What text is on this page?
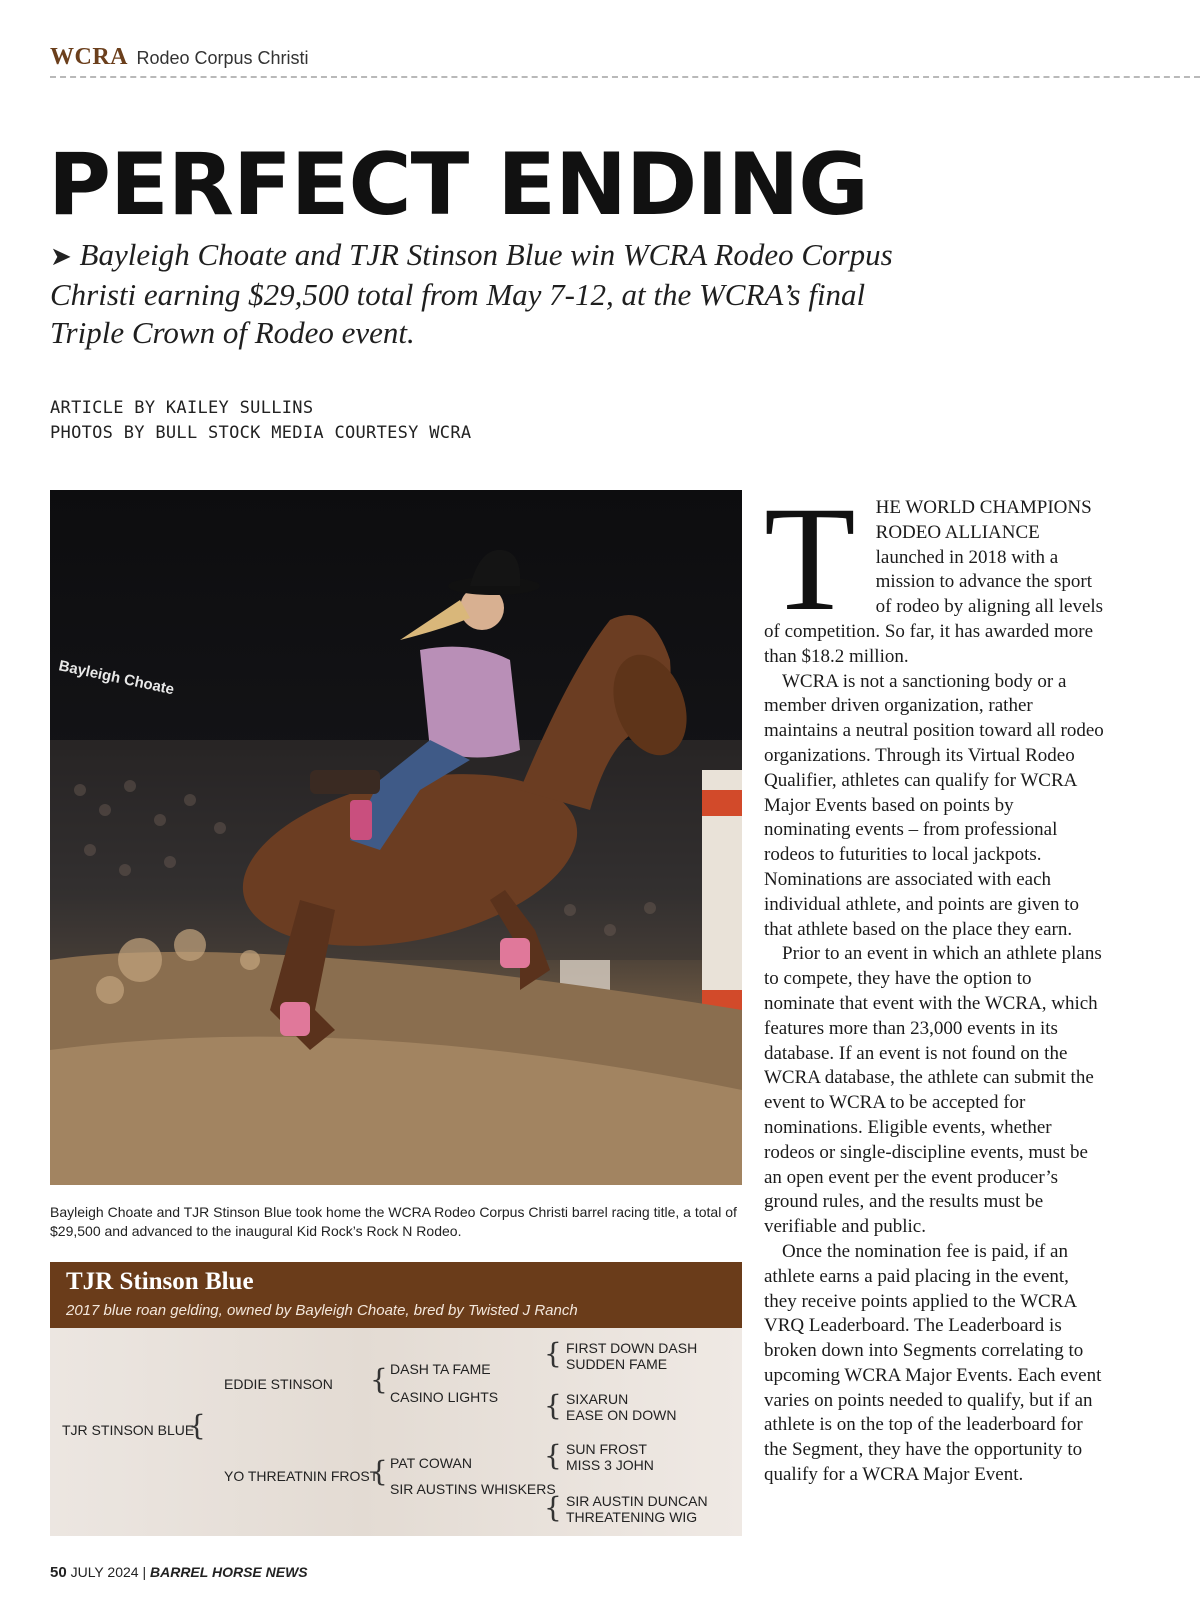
WCRA Rodeo Corpus Christi
PERFECT ENDING

➤ Bayleigh Choate and TJR Stinson Blue win WCRA Rodeo Corpus Christi earning $29,500 total from May 7-12, at the WCRA’s final Triple Crown of Rodeo event.

ARTICLE BY KAILEY SULLINS
PHOTOS BY BULL STOCK MEDIA COURTESY WCRA
Bayleigh Choate
Bayleigh Choate and TJR Stinson Blue took home the WCRA Rodeo Corpus Christi barrel racing title, a total of $29,500 and advanced to the inaugural Kid Rock’s Rock N Rodeo.
TJR Stinson Blue
2017 blue roan gelding, owned by Bayleigh Choate, bred by Twisted J Ranch
TJR STINSON BLUE
{
EDDIE STINSON
YO THREATNIN FROST
{ DASH TA FAME
CASINO LIGHTS
{ PAT COWAN
SIR AUSTINS WHISKERS
{ FIRST DOWN DASH
SUDDEN FAME
{ SIXARUN
EASE ON DOWN
{ SUN FROST
MISS 3 JOHN
{ SIR AUSTIN DUNCAN
THREATENING WIG

T HE WORLD CHAMPIONS RODEO ALLIANCE launched in 2018 with a mission to advance the sport of rodeo by aligning all levels of competition. So far, it has awarded more than $18.2 million.

WCRA is not a sanctioning body or a member driven organization, rather maintains a neutral position toward all rodeo organizations. Through its Virtual Rodeo Qualifier, athletes can qualify for WCRA Major Events based on points by nominating events – from professional rodeos to futurities to local jackpots. Nominations are associated with each individual athlete, and points are given to that athlete based on the place they earn.

Prior to an event in which an athlete plans to compete, they have the option to nominate that event with the WCRA, which features more than 23,000 events in its database. If an event is not found on the WCRA database, the athlete can submit the event to WCRA to be accepted for nominations. Eligible events, whether rodeos or single-discipline events, must be an open event per the event producer’s ground rules, and the results must be verifiable and public.

Once the nomination fee is paid, if an athlete earns a paid placing in the event, they receive points applied to the WCRA VRQ Leaderboard. The Leaderboard is broken down into Segments correlating to upcoming WCRA Major Events. Each event varies on points needed to qualify, but if an athlete is on the top of the leaderboard for the Segment, they have the opportunity to qualify for a WCRA Major Event.

50 JULY 2024 | BARREL HORSE NEWS
